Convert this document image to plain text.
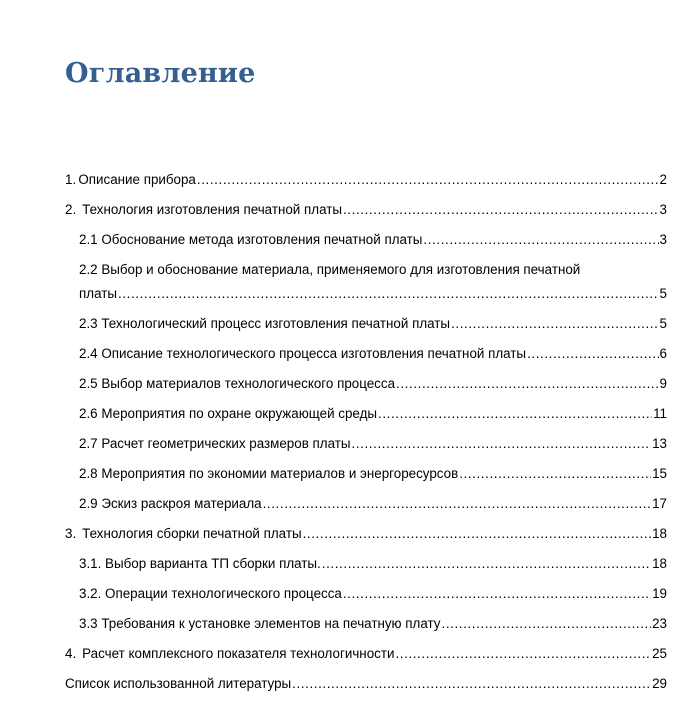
Оглавление
1. Описание прибора .....	2
2. Технология изготовления печатной платы .....	3
2.1 Обоснование метода изготовления печатной платы .....	3
2.2 Выбор и обоснование материала, применяемого для изготовления печатной
платы .....	5
2.3 Технологический процесс изготовления печатной платы .....	5
2.4 Описание технологического процесса изготовления печатной платы .....	6
2.5 Выбор материалов технологического процесса .....	9
2.6 Мероприятия по охране окружающей среды .....	11
2.7 Расчет геометрических размеров платы .....	13
2.8 Мероприятия по экономии материалов и энергоресурсов .....	15
2.9 Эскиз раскроя материала .....	17
3. Технология сборки печатной платы .....	18
3.1. Выбор варианта ТП сборки платы. .....	18
3.2. Операции технологического процесса .....	19
3.3 Требования к установке элементов на печатную плату .....	23
4. Расчет комплексного показателя технологичности .....	25
Список использованной литературы .....	29
